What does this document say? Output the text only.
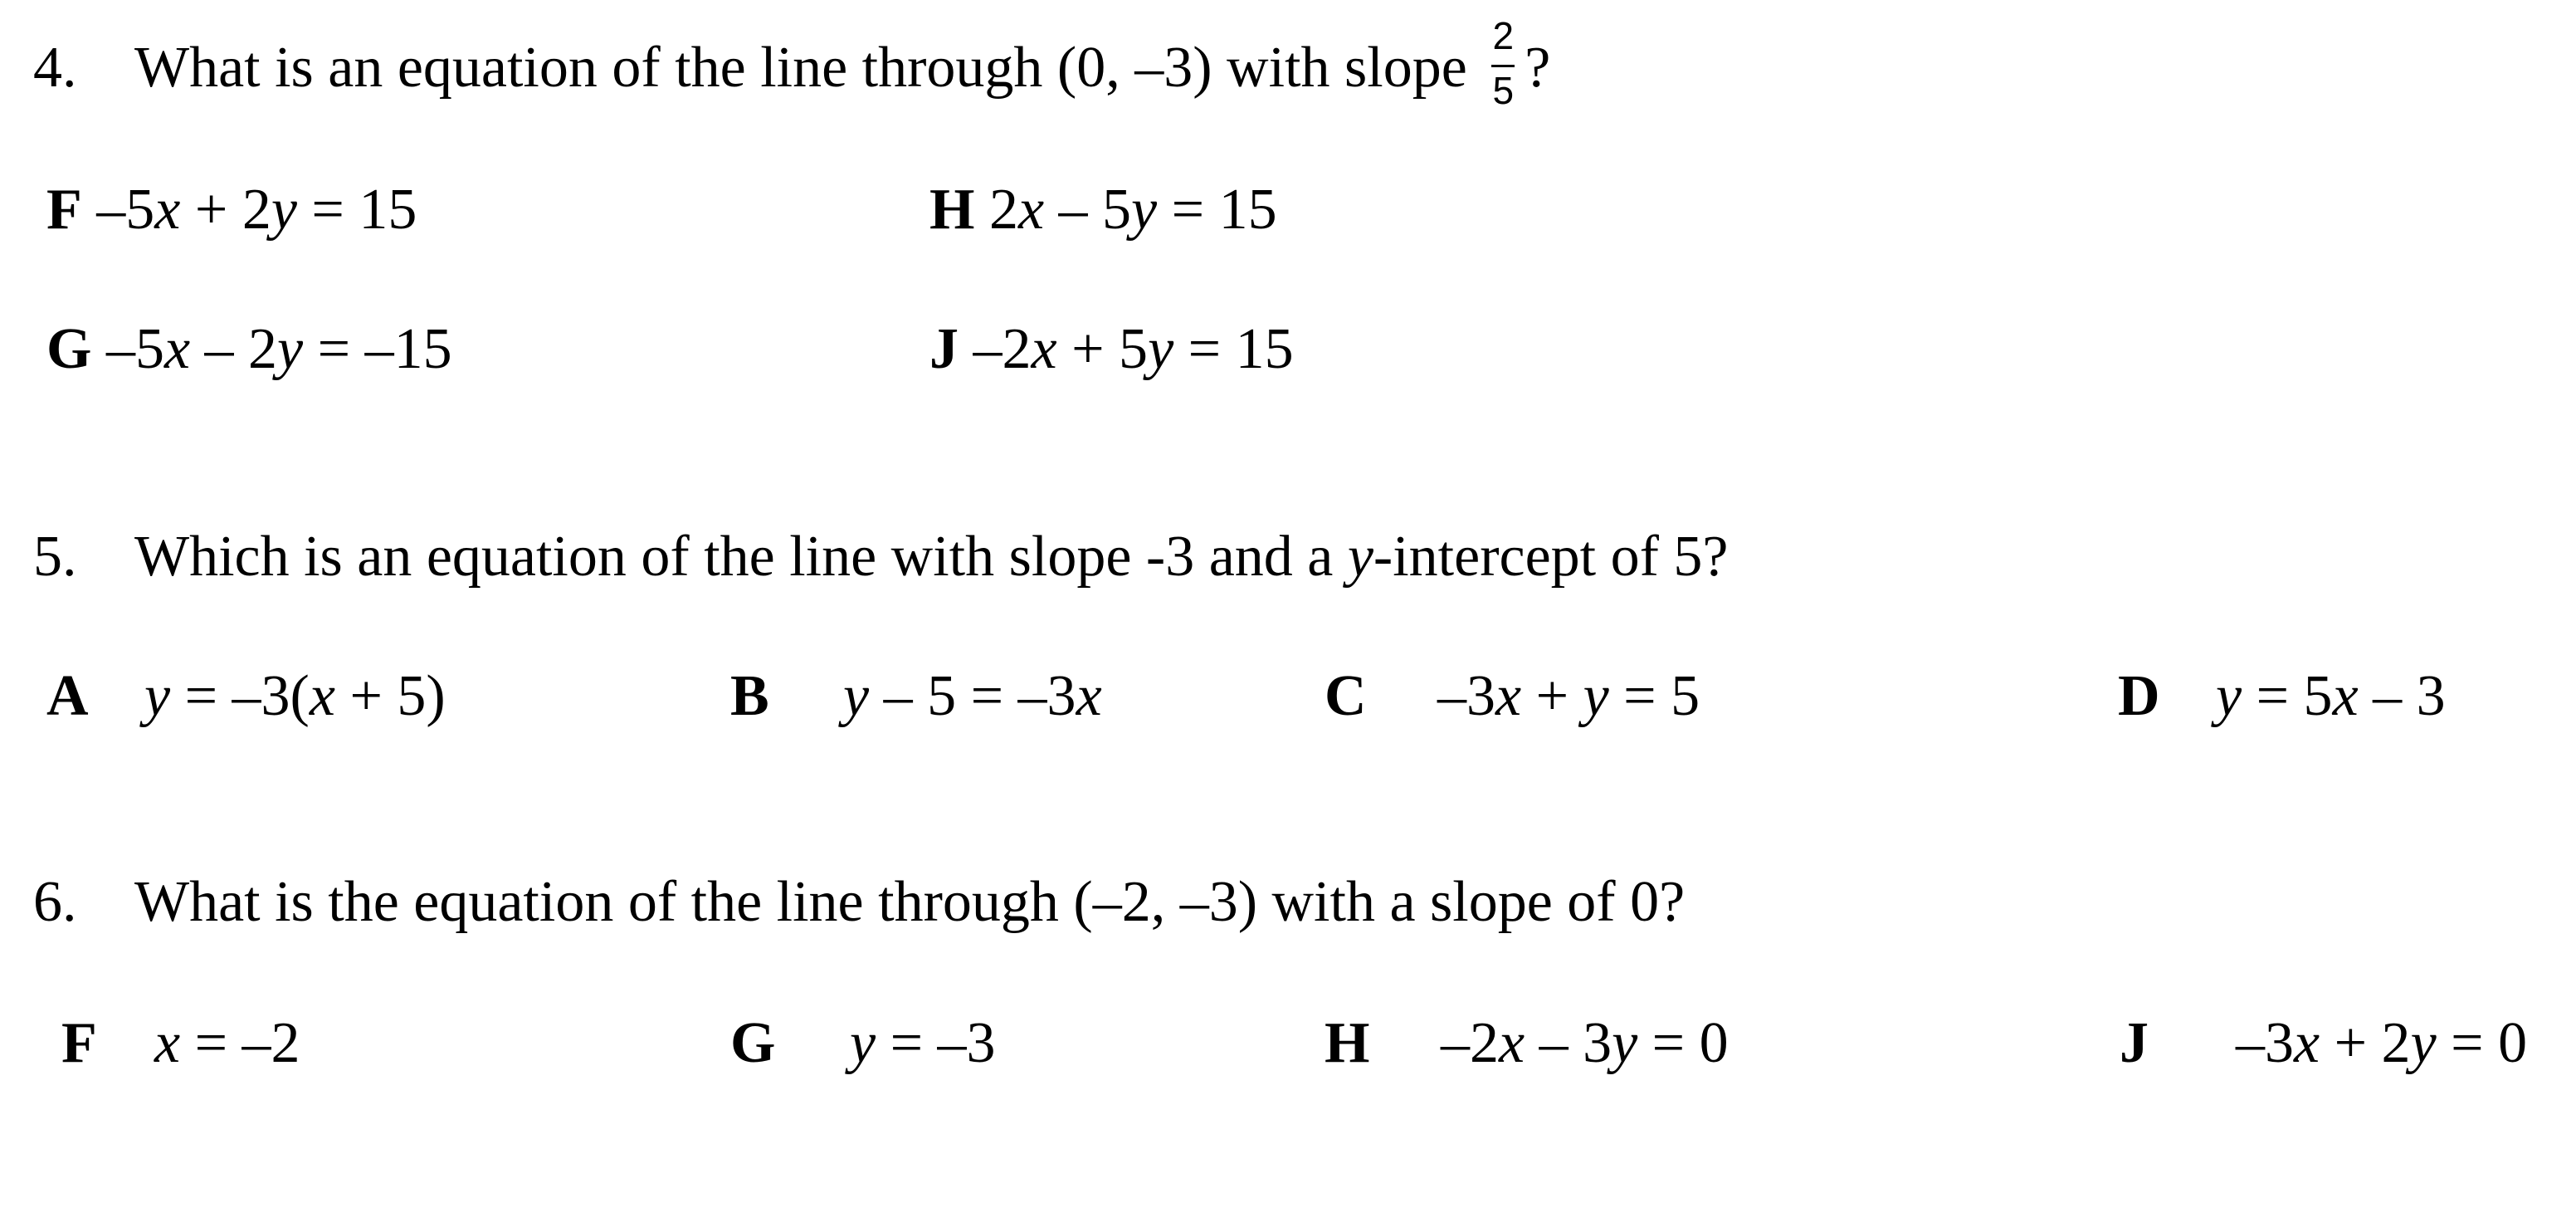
4. What is an equation of the line through (0, –3) with slope $\frac{2}{5}$ ?
F –5x + 2y = 15	H 2x – 5y = 15
G –5x – 2y = –15	J –2x + 5y = 15
5. Which is an equation of the line with slope -3 and a y-intercept of 5?
A y = –3(x + 5)	B y – 5 = –3x	C –3x + y = 5	D y = 5x – 3
6. What is the equation of the line through (–2, –3) with a slope of 0?
F x = –2	G y = –3	H –2x – 3y = 0	J –3x + 2y = 0
